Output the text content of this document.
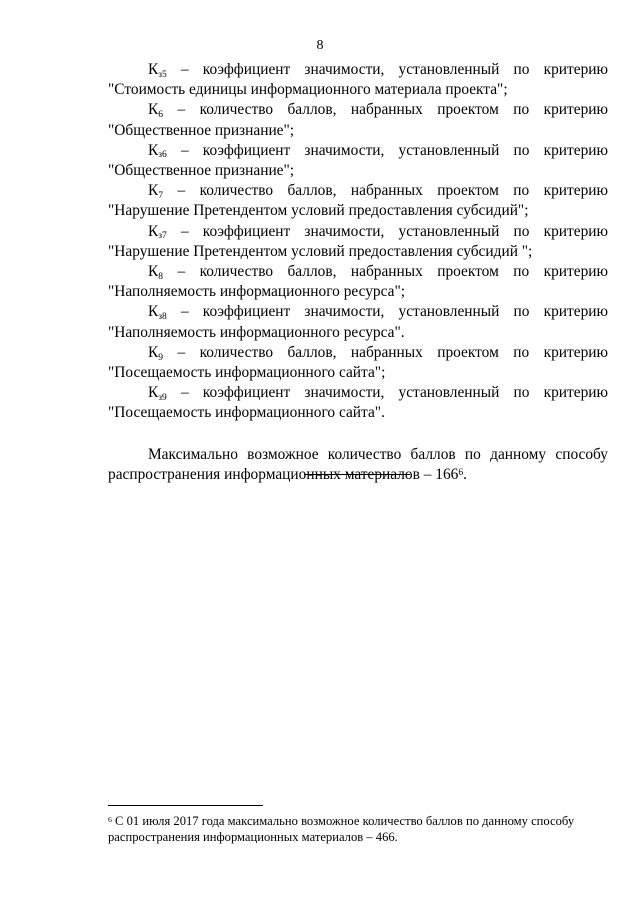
8

Кз5 – коэффициент значимости, установленный по критерию "Стоимость единицы информационного материала проекта";

К6 – количество баллов, набранных проектом по критерию "Общественное признание";

Кз6 – коэффициент значимости, установленный по критерию "Общественное признание";

К7 – количество баллов, набранных проектом по критерию "Нарушение Претендентом условий предоставления субсидий";

Кз7 – коэффициент значимости, установленный по критерию "Нарушение Претендентом условий предоставления субсидий ";

К8 – количество баллов, набранных проектом по критерию "Наполняемость информационного ресурса";

Кз8 – коэффициент значимости, установленный по критерию "Наполняемость информационного ресурса".

К9 – количество баллов, набранных проектом по критерию "Посещаемость информационного сайта";

Кз9 – коэффициент значимости, установленный по критерию "Посещаемость информационного сайта".

Максимально возможное количество баллов по данному способу распространения информационных материалов – $166^6$.

$^6$ С 01 июля 2017 года максимально возможное количество баллов по данному способу распространения информационных материалов – 466.
